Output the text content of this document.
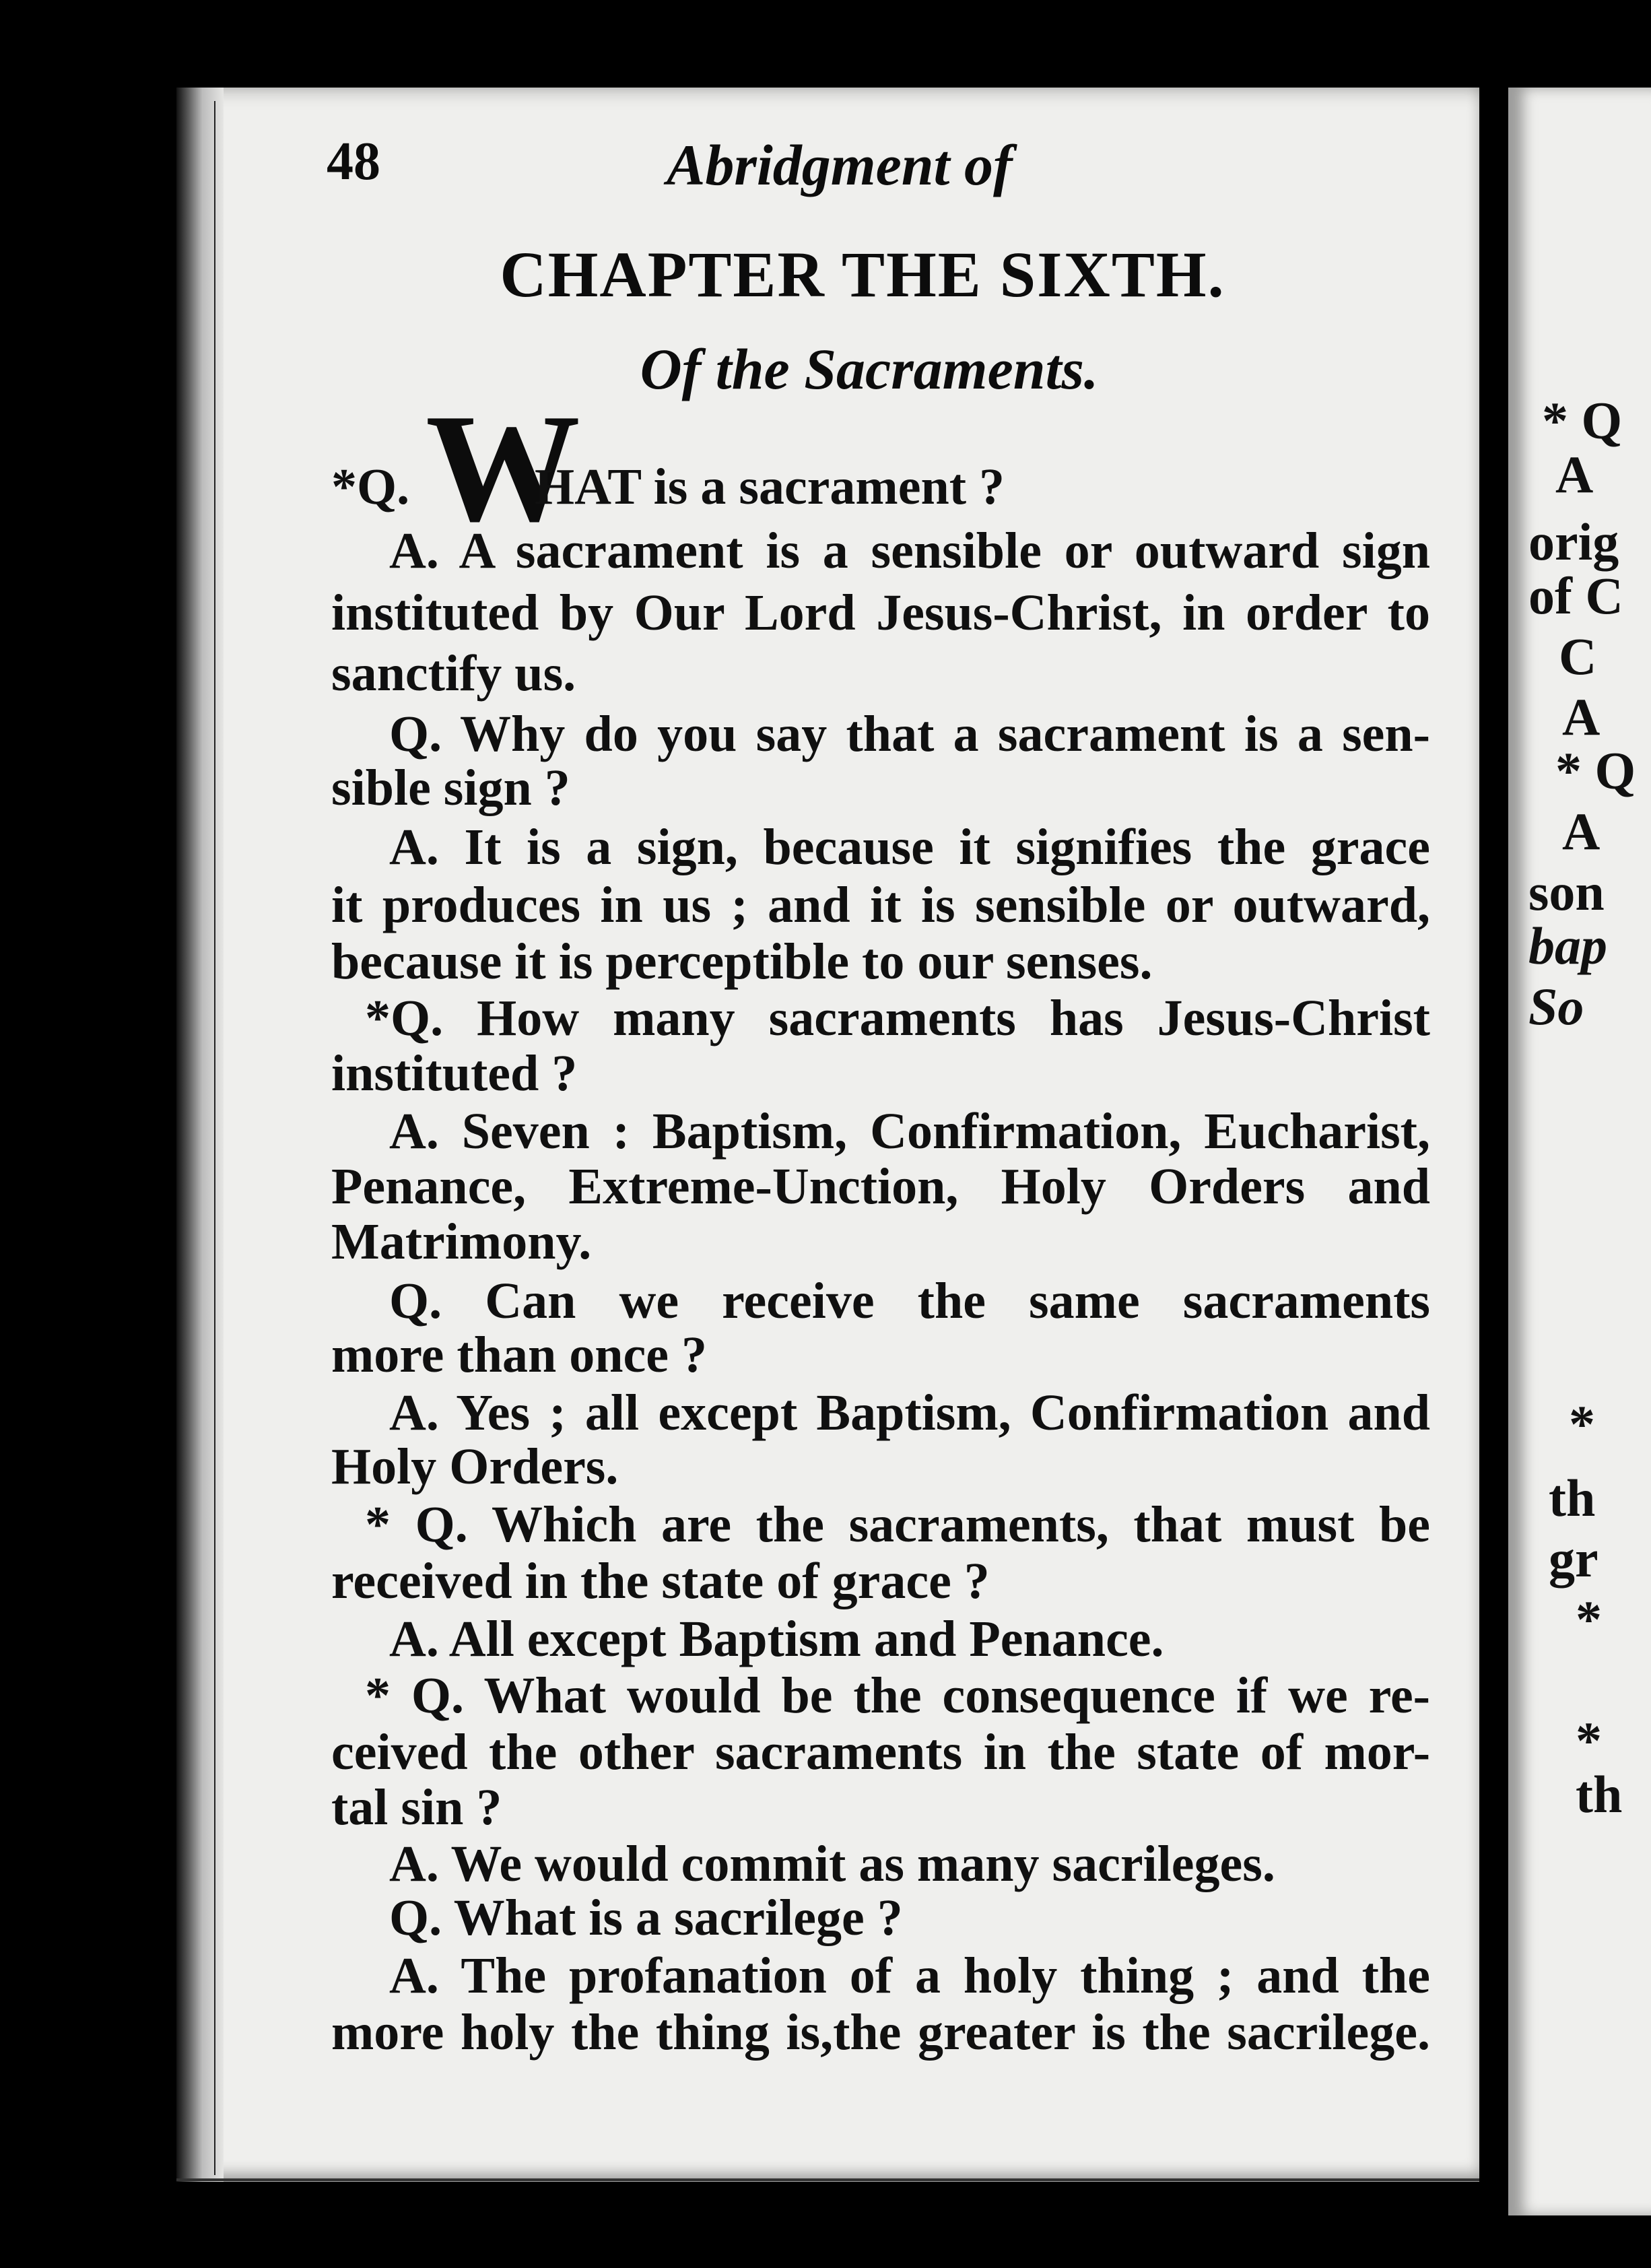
* Q
A
orig
of C
C
A
* Q
A
son
bap
So
*
th
gr
*
*
th
48	Abridgment of
CHAPTER THE SIXTH.
Of the Sacraments.
W
*Q. HAT is a sacrament ?
A. A sacrament is a sensible or outward sign
instituted by Our Lord Jesus-Christ, in order to
sanctify us.
Q. Why do you say that a sacrament is a sen-
sible sign ?
A. It is a sign, because it signifies the grace
it produces in us ; and it is sensible or outward,
because it is perceptible to our senses.
*Q. How many sacraments has Jesus-Christ
instituted ?
A. Seven : Baptism, Confirmation, Eucharist,
Penance, Extreme-Unction, Holy Orders and
Matrimony.
Q. Can we receive the same sacraments
more than once ?
A. Yes ; all except Baptism, Confirmation and
Holy Orders.
* Q. Which are the sacraments, that must be
received in the state of grace ?
A. All except Baptism and Penance.
* Q. What would be the consequence if we re-
ceived the other sacraments in the state of mor-
tal sin ?
A. We would commit as many sacrileges.
Q. What is a sacrilege ?
A. The profanation of a holy thing ; and the
more holy the thing is,the greater is the sacrilege.
